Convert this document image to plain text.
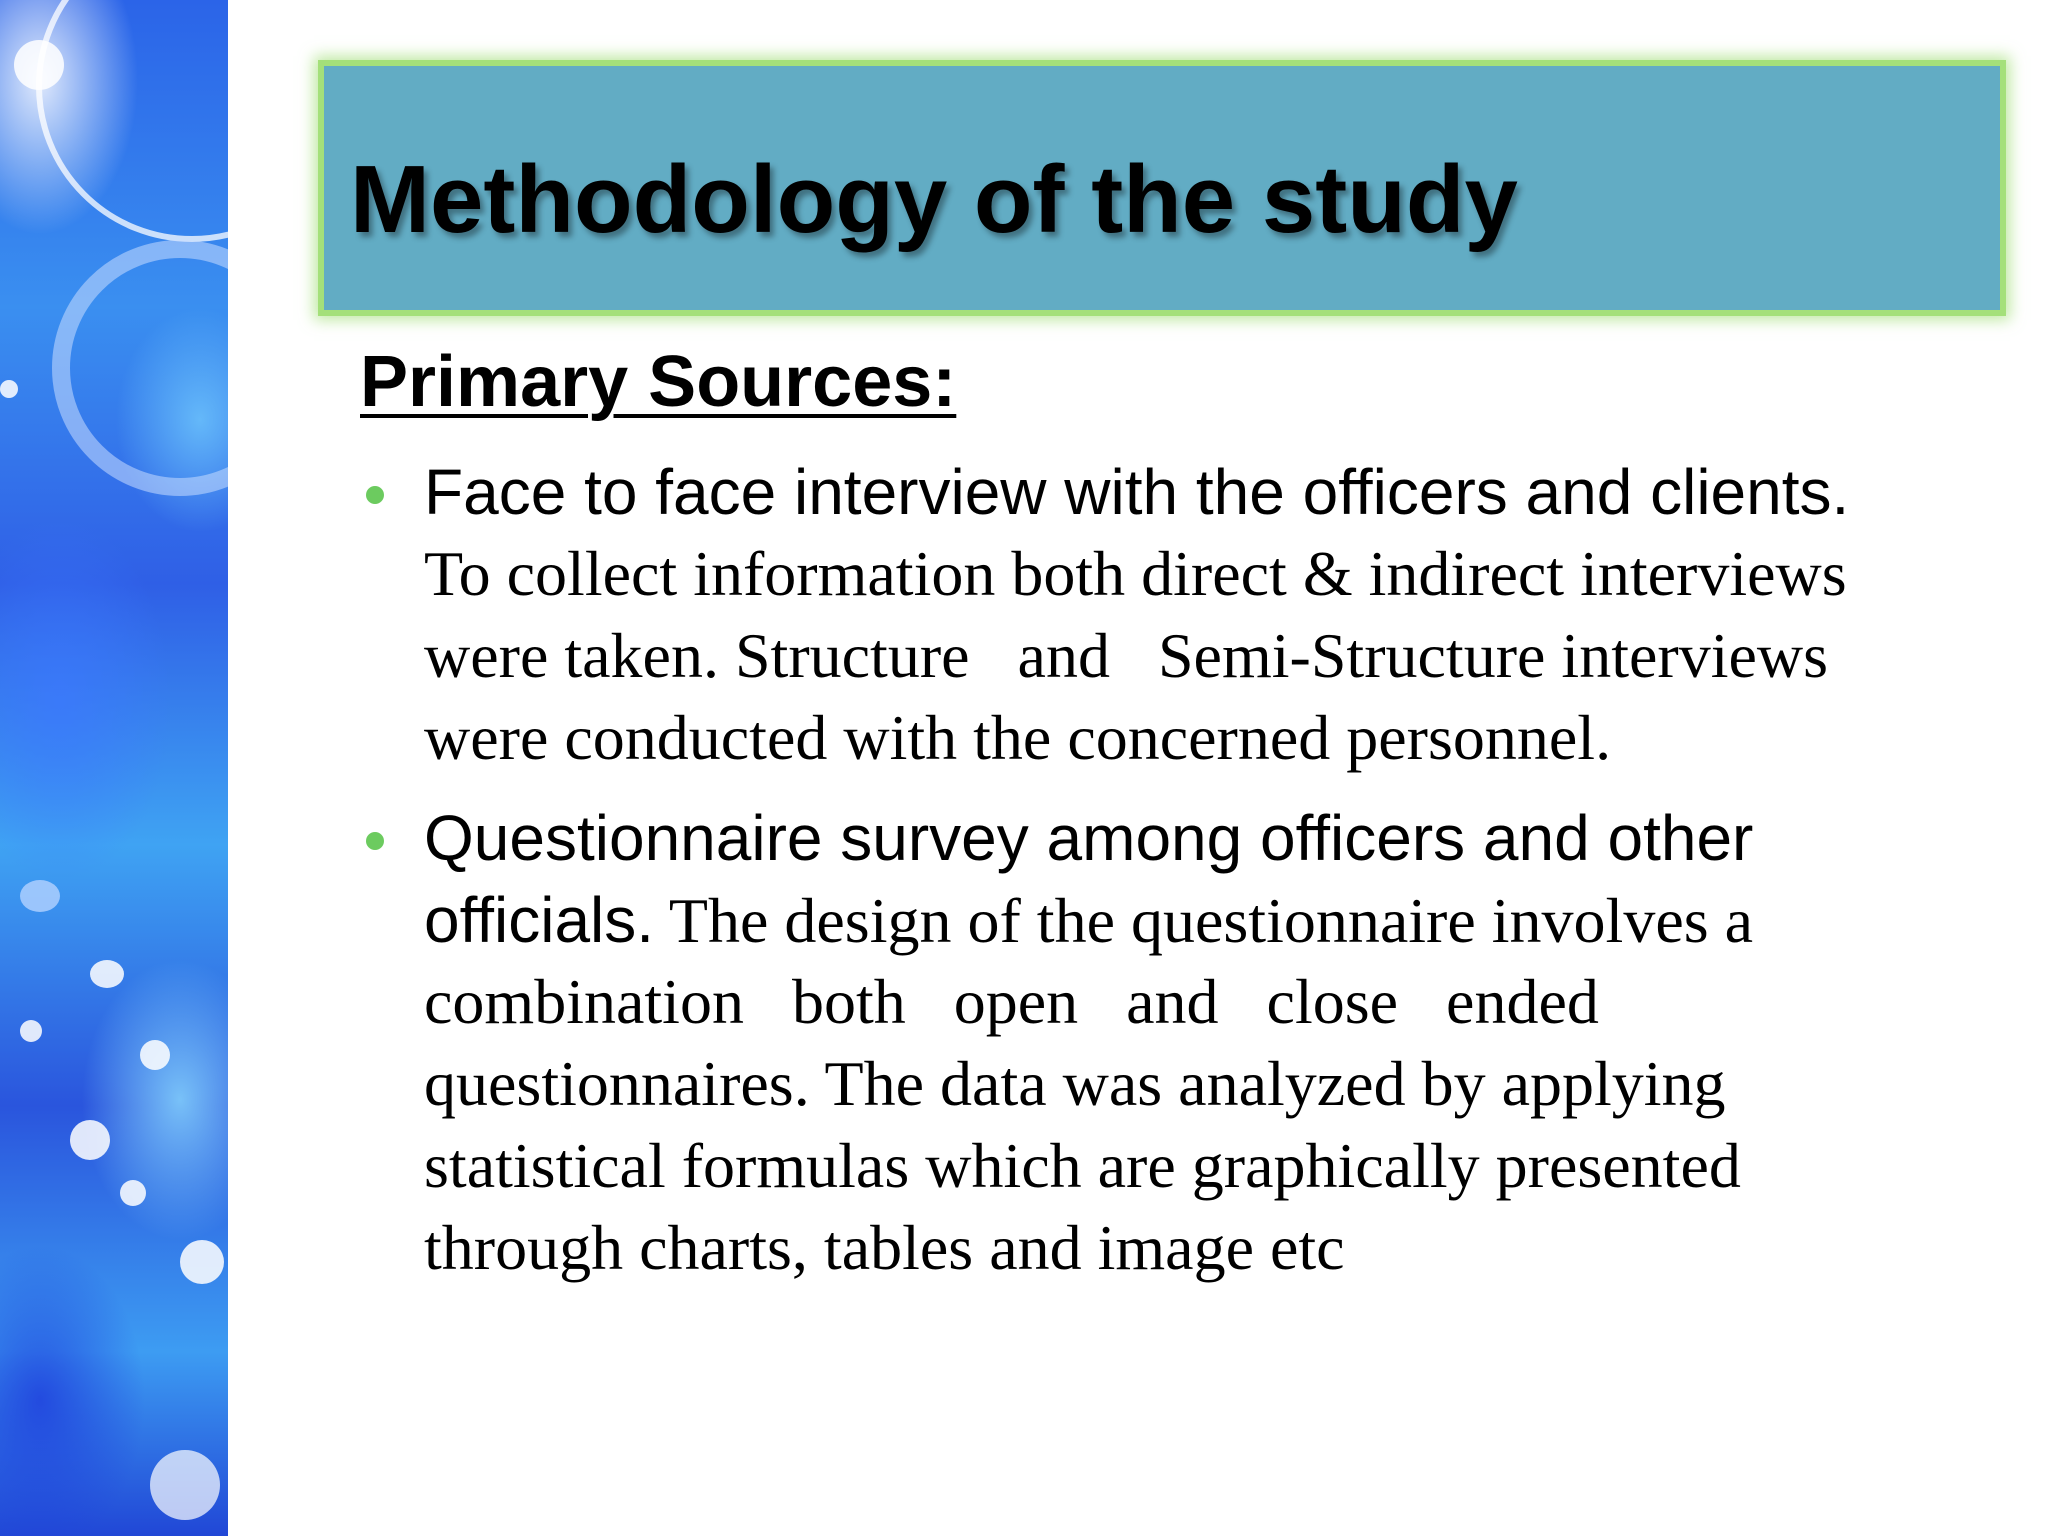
Methodology of the study
Primary Sources:
Face to face interview with the officers and clients.
To collect information both direct & indirect interviews
were taken. Structure   and   Semi-Structure interviews
were conducted with the concerned personnel.
Questionnaire survey among officers and other
officials. The design of the questionnaire involves a
combination   both   open   and   close   ended
questionnaires. The data was analyzed by applying
statistical formulas which are graphically presented
through charts, tables and image etc
